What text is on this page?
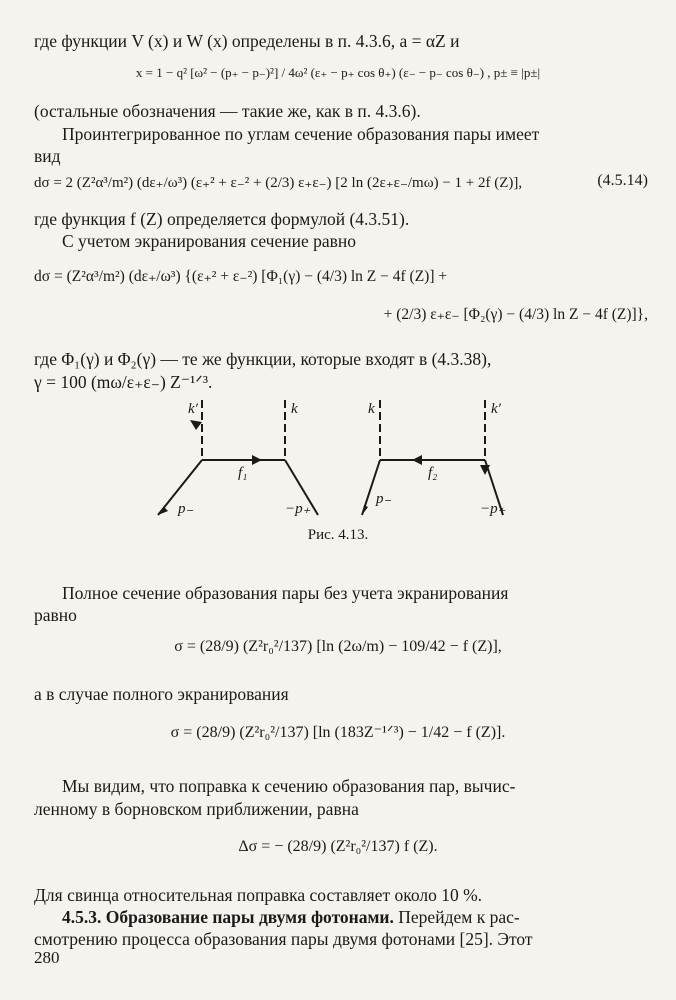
где функции V (x) и W (x) определены в п. 4.3.6, a = αZ и
x = 1 − q² [ω² − (p₊ − p₋)²] / 4ω² (ε₊ − p₊ cos θ₊) (ε₋ − p₋ cos θ₋) , p± ≡ |p±|
(остальные обозначения — такие же, как в п. 4.3.6).
Проинтегрированное по углам сечение образования пары имеет
вид
dσ = 2 (Z²α³/m²) (dε₊/ω³) (ε₊² + ε₋² + (2/3) ε₊ε₋) [2 ln (2ε₊ε₋/mω) − 1 + 2f (Z)],	(4.5.14)
где функция f (Z) определяется формулой (4.3.51).
С учетом экранирования сечение равно
dσ = (Z²α³/m²) (dε₊/ω³) {(ε₊² + ε₋²) [Φ₁(γ) − (4/3) ln Z − 4f (Z)] +
+ (2/3) ε₊ε₋ [Φ₂(γ) − (4/3) ln Z − 4f (Z)]},
где Φ₁(γ) и Φ₂(γ) — те же функции, которые входят в (4.3.38),
γ = 100 (mω/ε₊ε₋) Z⁻¹ᐟ³.
k′	k
f₁
p₋	−p₊
k	k′
f₂
p₋
−p₊
Рис. 4.13.
Полное сечение образования пары без учета экранирования
равно
σ = (28/9) (Z²r₀²/137) [ln (2ω/m) − 109/42 − f (Z)],
а в случае полного экранирования
σ = (28/9) (Z²r₀²/137) [ln (183Z⁻¹ᐟ³) − 1/42 − f (Z)].
Мы видим, что поправка к сечению образования пар, вычис-
ленному в борновском приближении, равна
Δσ = − (28/9) (Z²r₀²/137) f (Z).
Для свинца относительная поправка составляет около 10 %.
4.5.3. Образование пары двумя фотонами. Перейдем к рас-
смотрению процесса образования пары двумя фотонами [25]. Этот
280
